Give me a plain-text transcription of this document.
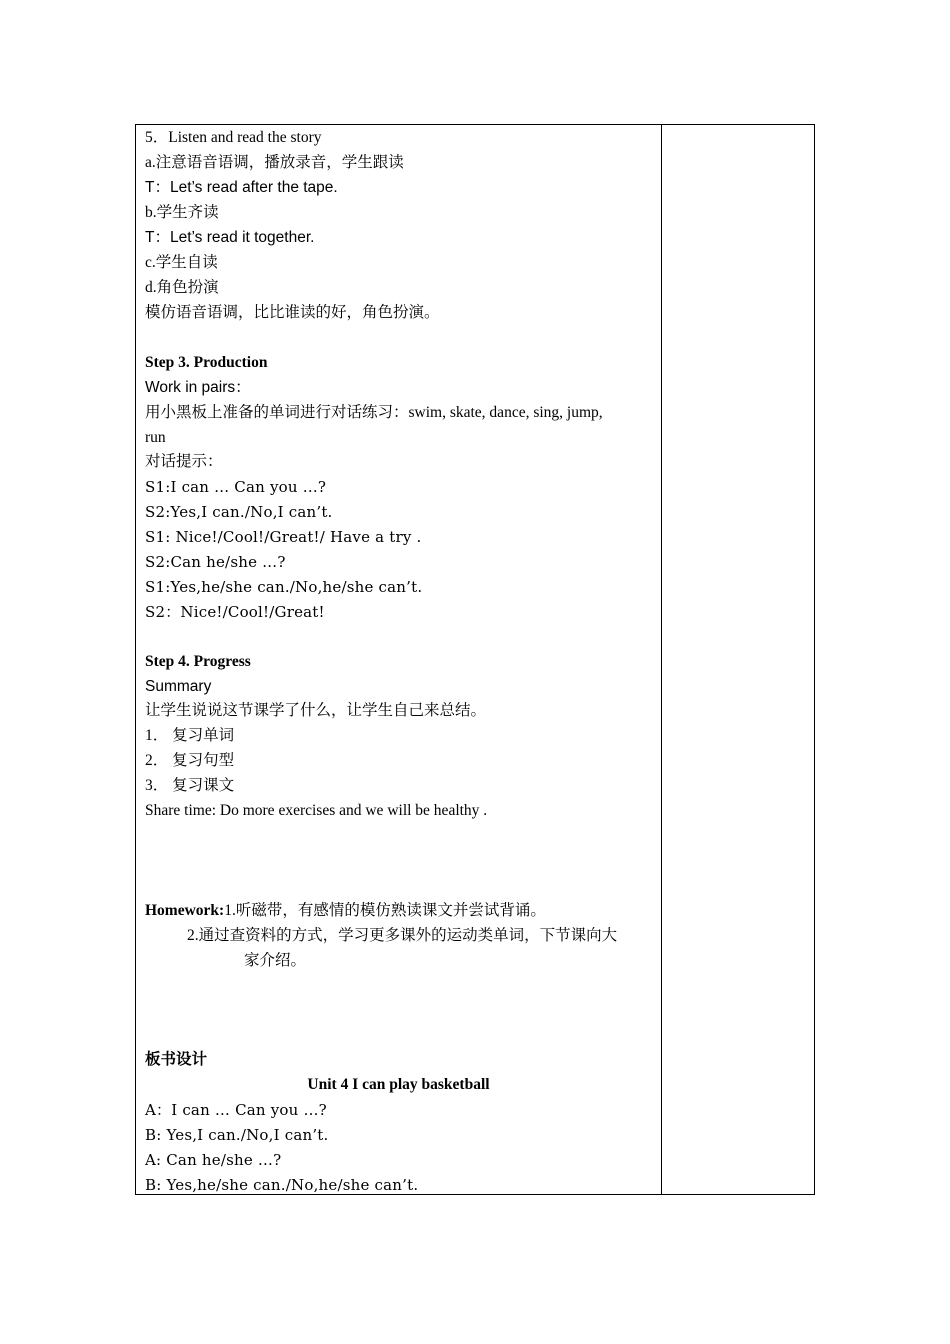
5．Listen and read the story
a.注意语音语调，播放录音，学生跟读
T：Let’s read after the tape.
b.学生齐读
T：Let’s read it together.
c.学生自读
d.角色扮演
模仿语音语调，比比谁读的好，角色扮演。
Step 3. Production
Work in pairs：
用小黑板上准备的单词进行对话练习：swim, skate, dance, sing, jump,
run
对话提示：
S1:I can … Can you …?
S2:Yes,I can./No,I can’t.
S1: Nice!/Cool!/Great!/ Have a try .
S2:Can he/she …?
S1:Yes,he/she can./No,he/she can’t.
S2：Nice!/Cool!/Great!
Step 4. Progress
Summary
让学生说说这节课学了什么，让学生自己来总结。
1． 复习单词
2． 复习句型
3． 复习课文
Share time: Do more exercises and we will be healthy .
Homework:1.听磁带，有感情的模仿熟读课文并尝试背诵。
2.通过查资料的方式，学习更多课外的运动类单词，下节课向大
家介绍。
板书设计
Unit 4 I can play basketball
A：I can … Can you …?
B: Yes,I can./No,I can’t.
A: Can he/she …?
B: Yes,he/she can./No,he/she can’t.
